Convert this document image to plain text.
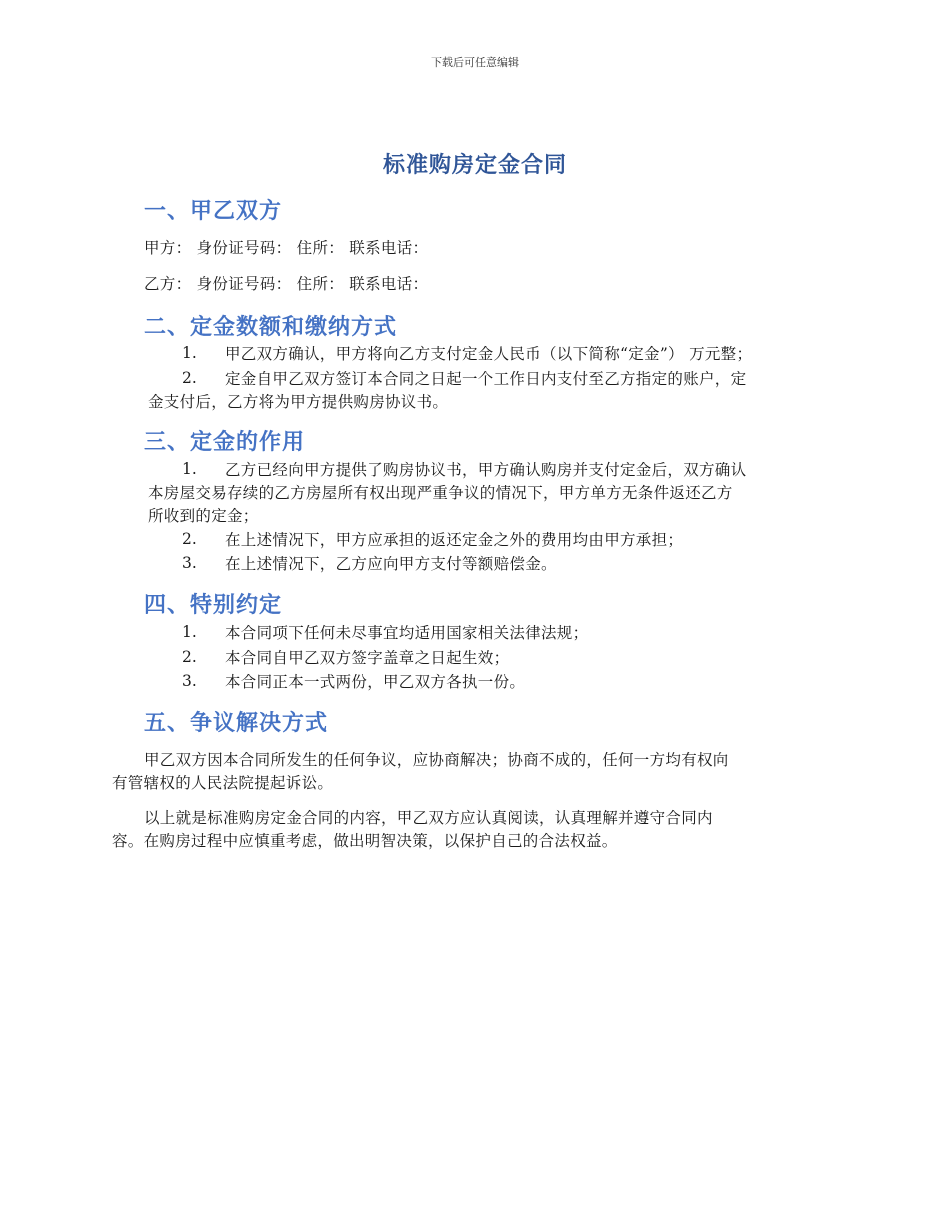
下载后可任意编辑
标准购房定金合同
一、甲乙双方
甲方： 身份证号码： 住所： 联系电话：
乙方： 身份证号码： 住所： 联系电话：
二、定金数额和缴纳方式
1. 甲乙双方确认，甲方将向乙方支付定金人民币（以下简称“定金”） 万元整；
2. 定金自甲乙双方签订本合同之日起一个工作日内支付至乙方指定的账户，定
金支付后，乙方将为甲方提供购房协议书。
三、定金的作用
1. 乙方已经向甲方提供了购房协议书，甲方确认购房并支付定金后，双方确认
本房屋交易存续的乙方房屋所有权出现严重争议的情况下，甲方单方无条件返还乙方
所收到的定金；
2. 在上述情况下，甲方应承担的返还定金之外的费用均由甲方承担；
3. 在上述情况下，乙方应向甲方支付等额赔偿金。
四、特别约定
1. 本合同项下任何未尽事宜均适用国家相关法律法规；
2. 本合同自甲乙双方签字盖章之日起生效；
3. 本合同正本一式两份，甲乙双方各执一份。
五、争议解决方式
甲乙双方因本合同所发生的任何争议，应协商解决；协商不成的，任何一方均有权向
有管辖权的人民法院提起诉讼。
以上就是标准购房定金合同的内容，甲乙双方应认真阅读，认真理解并遵守合同内
容。在购房过程中应慎重考虑，做出明智决策，以保护自己的合法权益。
